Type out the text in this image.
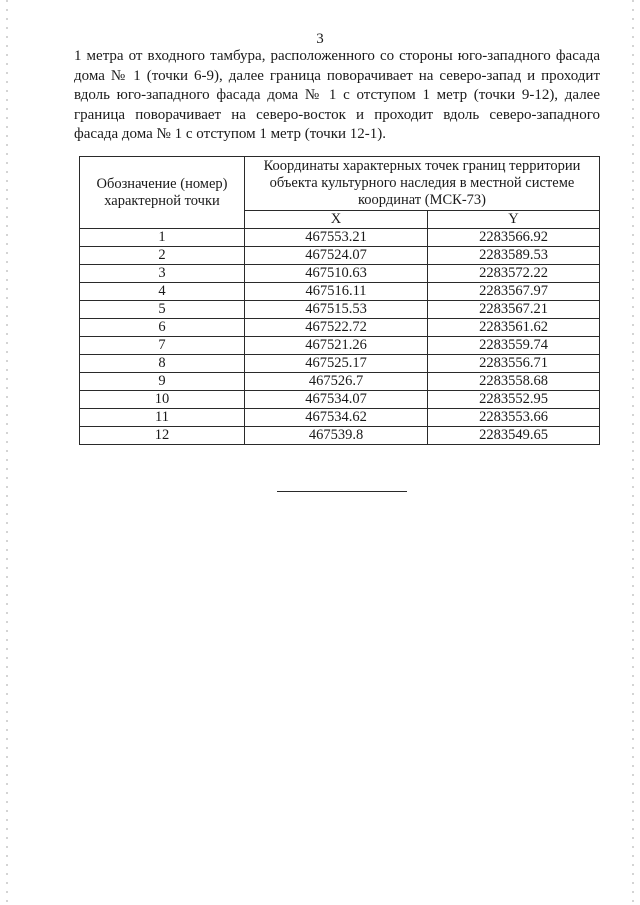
3

1 метра от входного тамбура, расположенного со стороны юго-западного фасада дома № 1 (точки 6-9), далее граница поворачивает на северо-запад и проходит вдоль юго-западного фасада дома № 1 с отступом 1 метр (точки 9-12), далее граница поворачивает на северо-восток и проходит вдоль северо-западного фасада дома № 1 с отступом 1 метр (точки 12-1).

Обозначение (номер) характерной точки	Координаты характерных точек границ территории объекта культурного наследия в местной системе координат (МСК-73)	
	X	Y
1	467553.21	2283566.92
2	467524.07	2283589.53
3	467510.63	2283572.22
4	467516.11	2283567.97
5	467515.53	2283567.21
6	467522.72	2283561.62
7	467521.26	2283559.74
8	467525.17	2283556.71
9	467526.7	2283558.68
10	467534.07	2283552.95
11	467534.62	2283553.66
12	467539.8	2283549.65
